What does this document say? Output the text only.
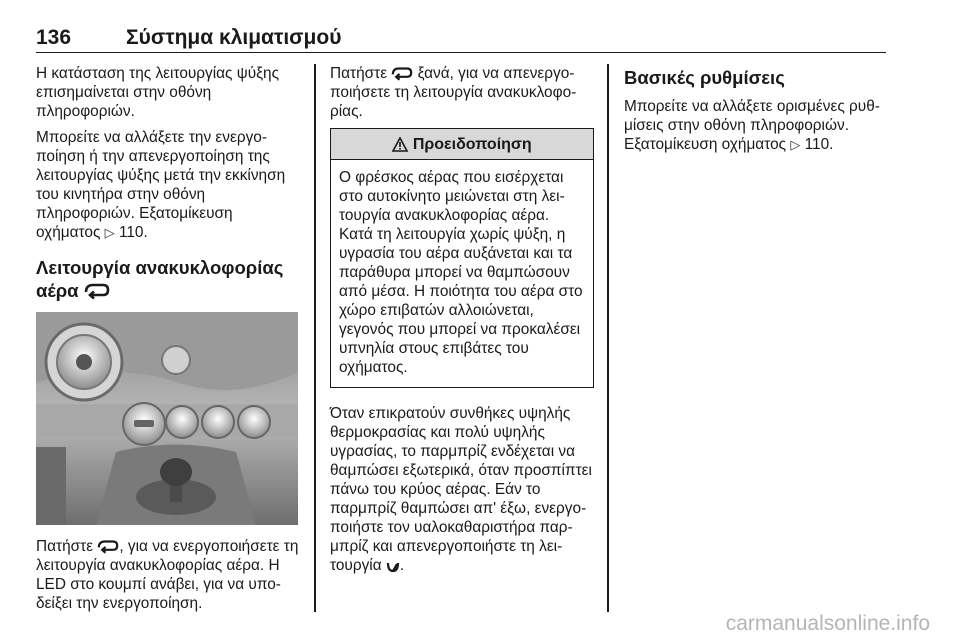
136	Σύστημα κλιματισμού

Η κατάσταση της λειτουργίας ψύξης επισημαίνεται στην οθόνη πληροφοριών.

Μπορείτε να αλλάξετε την ενεργοποίηση ή την απενεργοποίηση της λειτουργίας ψύξης μετά την εκκίνηση του κινητήρα στην οθόνη πληροφοριών. Εξατομίκευση οχήματος ▷ 110.

Λειτουργία ανακυκλοφορίας αέρα

Πατήστε , για να ενεργοποιήσετε τη λειτουργία ανακυκλοφορίας αέρα. Η LED στο κουμπί ανάβει, για να υποδείξει την ενεργοποίηση.

Πατήστε ξανά, για να απενεργοποιήσετε τη λειτουργία ανακυκλοφορίας.

Προειδοποίηση
Ο φρέσκος αέρας που εισέρχεται στο αυτοκίνητο μειώνεται στη λειτουργία ανακυκλοφορίας αέρα. Κατά τη λειτουργία χωρίς ψύξη, η υγρασία του αέρα αυξάνεται και τα παράθυρα μπορεί να θαμπώσουν από μέσα. Η ποιότητα του αέρα στο χώρο επιβατών αλλοιώνεται, γεγονός που μπορεί να προκαλέσει υπνηλία στους επιβάτες του οχήματος.

Όταν επικρατούν συνθήκες υψηλής θερμοκρασίας και πολύ υψηλής υγρασίας, το παρμπρίζ ενδέχεται να θαμπώσει εξωτερικά, όταν προσπίπτει πάνω του κρύος αέρας. Εάν το παρμπρίζ θαμπώσει απ' έξω, ενεργοποιήστε τον υαλοκαθαριστήρα παρμπρίζ και απενεργοποιήστε τη λειτουργία .

Βασικές ρυθμίσεις

Μπορείτε να αλλάξετε ορισμένες ρυθμίσεις στην οθόνη πληροφοριών. Εξατομίκευση οχήματος ▷ 110.

carmanualsonline.info
